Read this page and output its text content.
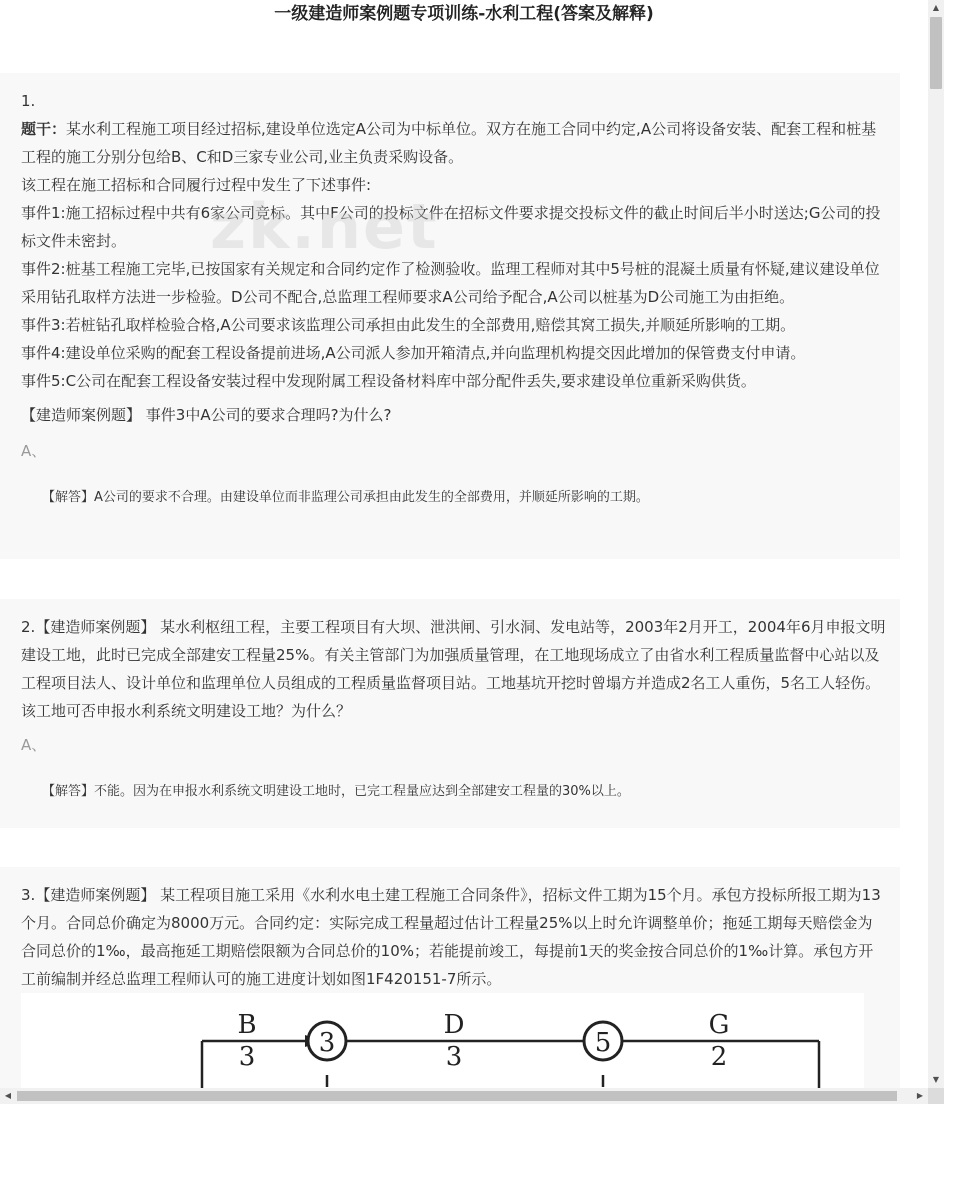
一级建造师案例题专项训练-水利工程(答案及解释)

1.

题干：某水利工程施工项目经过招标,建设单位选定A公司为中标单位。双方在施工合同中约定,A公司将设备安装、配套工程和桩基工程的施工分别分包给B、C和D三家专业公司,业主负责采购设备。

该工程在施工招标和合同履行过程中发生了下述事件:

事件1:施工招标过程中共有6家公司竞标。其中F公司的投标文件在招标文件要求提交投标文件的截止时间后半小时送达;G公司的投标文件未密封。

事件2:桩基工程施工完毕,已按国家有关规定和合同约定作了检测验收。监理工程师对其中5号桩的混凝土质量有怀疑,建议建设单位采用钻孔取样方法进一步检验。D公司不配合,总监理工程师要求A公司给予配合,A公司以桩基为D公司施工为由拒绝。

事件3:若桩钻孔取样检验合格,A公司要求该监理公司承担由此发生的全部费用,赔偿其窝工损失,并顺延所影响的工期。

事件4:建设单位采购的配套工程设备提前进场,A公司派人参加开箱清点,并向监理机构提交因此增加的保管费支付申请。

事件5:C公司在配套工程设备安装过程中发现附属工程设备材料库中部分配件丢失,要求建设单位重新采购供货。

【建造师案例题】 事件3中A公司的要求合理吗?为什么?

A、

【解答】A公司的要求不合理。由建设单位而非监理公司承担由此发生的全部费用，并顺延所影响的工期。

zk.net

2.【建造师案例题】 某水利枢纽工程，主要工程项目有大坝、泄洪闸、引水洞、发电站等，2003年2月开工，2004年6月申报文明建设工地，此时已完成全部建安工程量25%。有关主管部门为加强质量管理，在工地现场成立了由省水利工程质量监督中心站以及工程项目法人、设计单位和监理单位人员组成的工程质量监督项目站。工地基坑开挖时曾塌方并造成2名工人重伤，5名工人轻伤。该工地可否申报水利系统文明建设工地？为什么？

A、

【解答】不能。因为在申报水利系统文明建设工地时，已完工程量应达到全部建安工程量的30%以上。

3.【建造师案例题】 某工程项目施工采用《水利水电土建工程施工合同条件》，招标文件工期为15个月。承包方投标所报工期为13个月。合同总价确定为8000万元。合同约定：实际完成工程量超过估计工程量25%以上时允许调整单价；拖延工期每天赔偿金为合同总价的1‰，最高拖延工期赔偿限额为合同总价的10%；若能提前竣工，每提前1天的奖金按合同总价的1‰计算。承包方开工前编制并经总监理工程师认可的施工进度计划如图1F420151-7所示。

3	5
B
3
D
3
G
2
▲
▼
◀	▶
